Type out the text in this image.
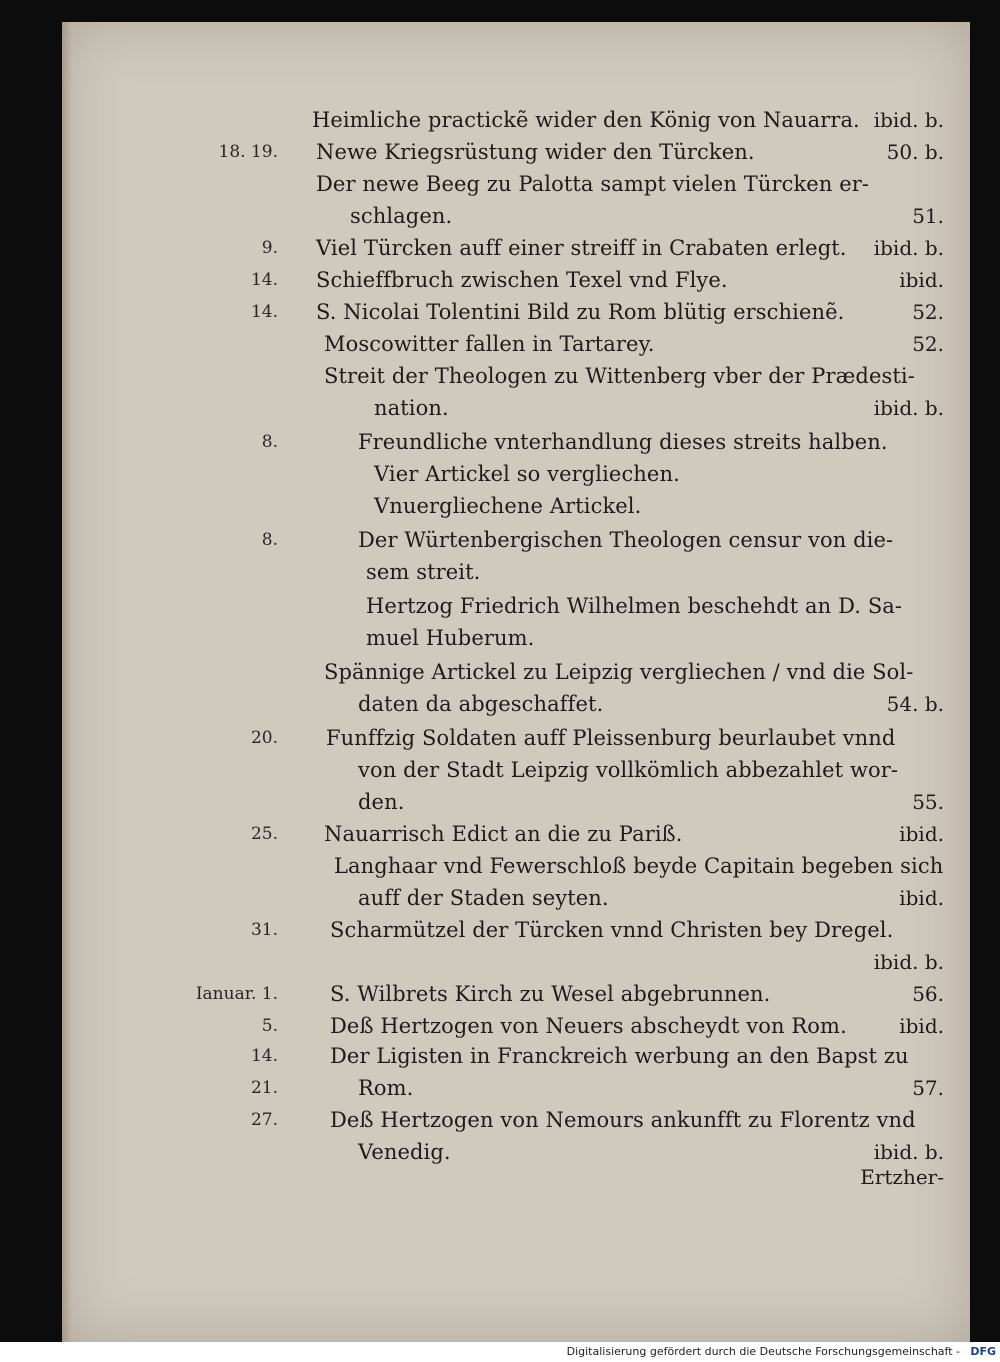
Heimliche practickẽ wider den König von Nauarra. ibid. b.
18. 19. Newe Kriegsrüstung wider den Türcken.	50. b.
Der newe Beeg zu Palotta sampt vielen Türcken er-
schlagen.	51.
9. Viel Türcken auff einer streiff in Crabaten erlegt. ibid. b.
14. Schieffbruch zwischen Texel vnd Flye.	ibid.
14. S. Nicolai Tolentini Bild zu Rom blütig erschienẽ.	52.
Moscowitter fallen in Tartarey.	52.
Streit der Theologen zu Wittenberg vber der Prædesti-
nation.	ibid. b.
8.	Freundliche vnterhandlung dieses streits halben.
Vier Artickel so vergliechen.
Vnuergliechene Artickel.
8.	Der Würtenbergischen Theologen censur von die-
sem streit.
Hertzog Friedrich Wilhelmen beschehdt an D. Sa-
muel Huberum.
Spännige Artickel zu Leipzig vergliechen / vnd die Sol-
daten da abgeschaffet.	54. b.
20. Funffzig Soldaten auff Pleissenburg beurlaubet vnnd
von der Stadt Leipzig vollkömlich abbezahlet wor-
den.	55.
25. Nauarrisch Edict an die zu Pariß.	ibid.
Langhaar vnd Fewerschloß beyde Capitain begeben sich
auff der Staden seyten.	ibid.
31. Scharmützel der Türcken vnnd Christen bey Dregel.
ibid. b.
Ianuar. 1. S. Wilbrets Kirch zu Wesel abgebrunnen.	56.
5. Deß Hertzogen von Neuers abscheydt von Rom.	ibid.
14. Der Ligisten in Franckreich werbung an den Bapst zu
21.	Rom.	57.
27. Deß Hertzogen von Nemours ankunfft zu Florentz vnd
Venedig.	ibid. b.
Ertzher-
Digitalisierung gefördert durch die Deutsche Forschungsgemeinschaft - DFG
